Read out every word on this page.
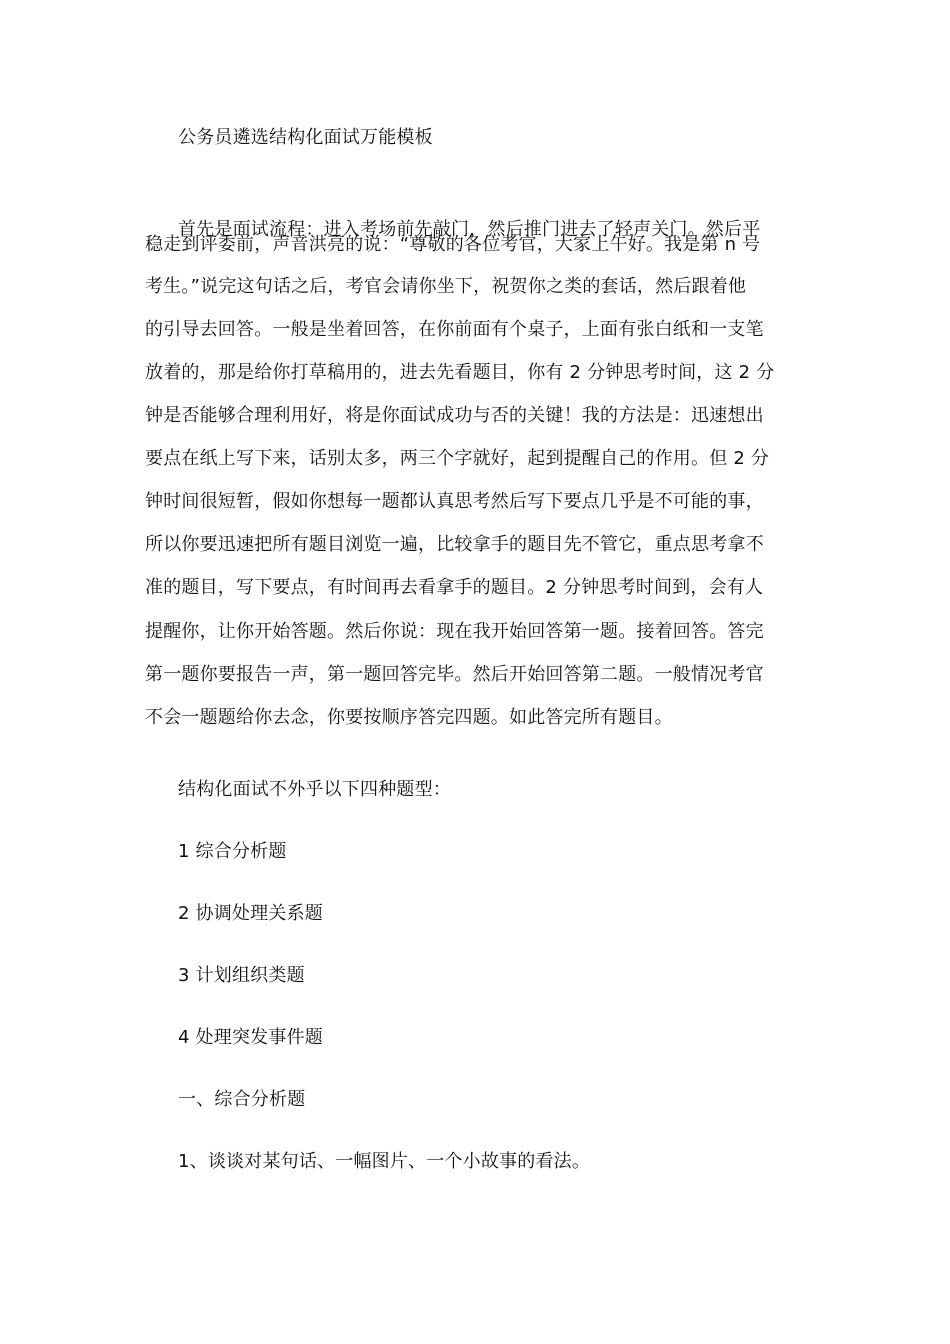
公务员遴选结构化面试万能模板
首先是面试流程：进入考场前先敲门，然后推门进去了轻声关门。然后平
稳走到评委前，声音洪亮的说：“尊敬的各位考官，大家上午好。我是第 n 号
考生。”说完这句话之后，考官会请你坐下，祝贺你之类的套话，然后跟着他
的引导去回答。一般是坐着回答，在你前面有个桌子，上面有张白纸和一支笔
放着的，那是给你打草稿用的，进去先看题目，你有 2 分钟思考时间，这 2 分
钟是否能够合理利用好，将是你面试成功与否的关键！我的方法是：迅速想出
要点在纸上写下来，话别太多，两三个字就好，起到提醒自己的作用。但 2 分
钟时间很短暂，假如你想每一题都认真思考然后写下要点几乎是不可能的事，
所以你要迅速把所有题目浏览一遍，比较拿手的题目先不管它，重点思考拿不
准的题目，写下要点，有时间再去看拿手的题目。2 分钟思考时间到，会有人
提醒你，让你开始答题。然后你说：现在我开始回答第一题。接着回答。答完
第一题你要报告一声，第一题回答完毕。然后开始回答第二题。一般情况考官
不会一题题给你去念，你要按顺序答完四题。如此答完所有题目。
结构化面试不外乎以下四种题型：
1 综合分析题
2 协调处理关系题
3 计划组织类题
4 处理突发事件题
一、综合分析题
1、谈谈对某句话、一幅图片、一个小故事的看法。
